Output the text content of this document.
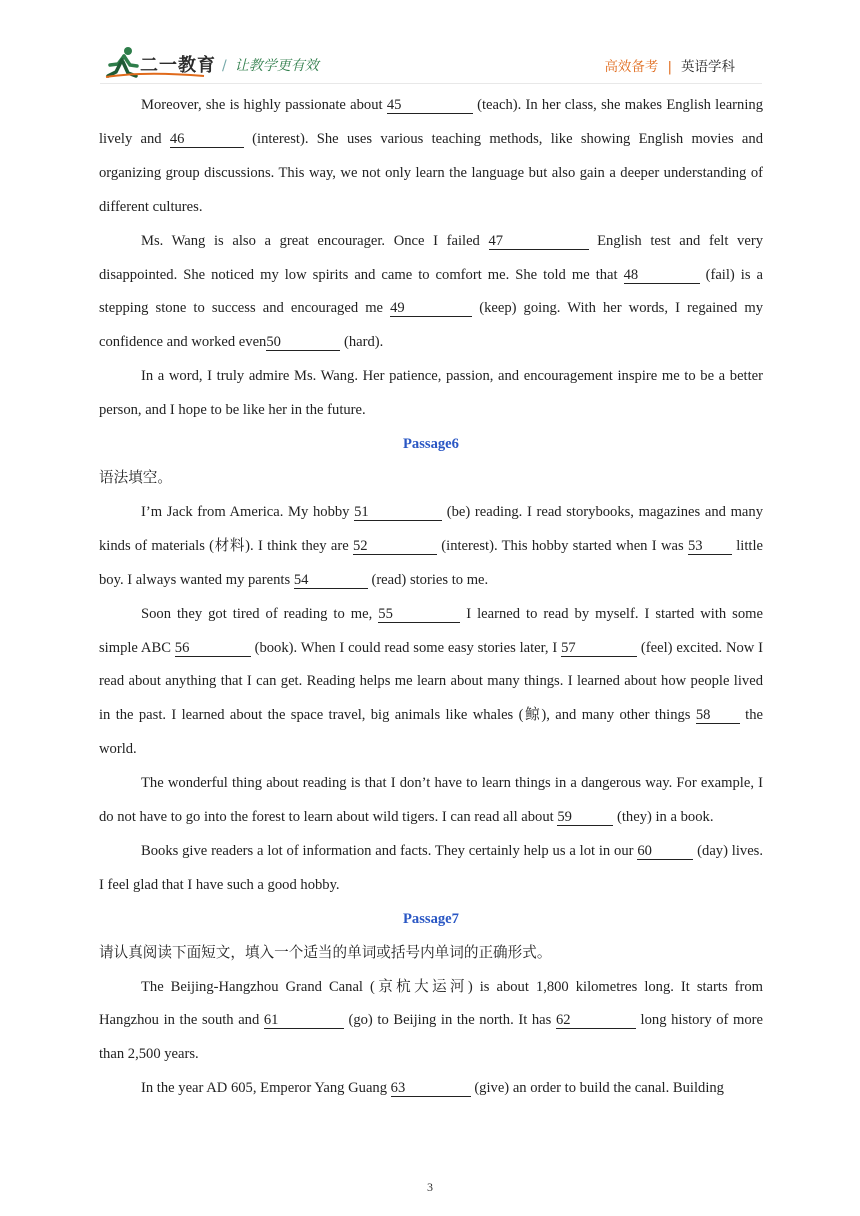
二一教育 / 让教学更有效	高效备考 | 英语学科

Moreover, she is highly passionate about 45	(teach). In her class, she makes English learning lively and 46	(interest). She uses various teaching methods, like showing English movies and organizing group discussions. This way, we not only learn the language but also gain a deeper understanding of different cultures.

Ms. Wang is also a great encourager. Once I failed 47	English test and felt very disappointed. She noticed my low spirits and came to comfort me. She told me that 48	(fail) is a stepping stone to success and encouraged me 49	(keep) going. With her words, I regained my confidence and worked even50	(hard).

In a word, I truly admire Ms. Wang. Her patience, passion, and encouragement inspire me to be a better person, and I hope to be like her in the future.

Passage6

语法填空。

I’m Jack from America. My hobby 51	(be) reading. I read storybooks, magazines and many kinds of materials (材料). I think they are 52	(interest). This hobby started when I was 53 little boy. I always wanted my parents 54	(read) stories to me.

Soon they got tired of reading to me, 55	I learned to read by myself. I started with some simple ABC 56	(book). When I could read some easy stories later, I 57	(feel) excited. Now I read about anything that I can get. Reading helps me learn about many things. I learned about how people lived in the past. I learned about the space travel, big animals like whales (鲸), and many other things 58 the world.

The wonderful thing about reading is that I don’t have to learn things in a dangerous way. For example, I do not have to go into the forest to learn about wild tigers. I can read all about 59	(they) in a book.

Books give readers a lot of information and facts. They certainly help us a lot in our 60	(day) lives. I feel glad that I have such a good hobby.

Passage7

请认真阅读下面短文，填入一个适当的单词或括号内单词的正确形式。

The Beijing-Hangzhou Grand Canal (京杭大运河) is about 1,800 kilometres long. It starts from Hangzhou in the south and 61	(go) to Beijing in the north. It has 62	long history of more than 2,500 years.

In the year AD 605, Emperor Yang Guang 63	(give) an order to build the canal. Building

3
